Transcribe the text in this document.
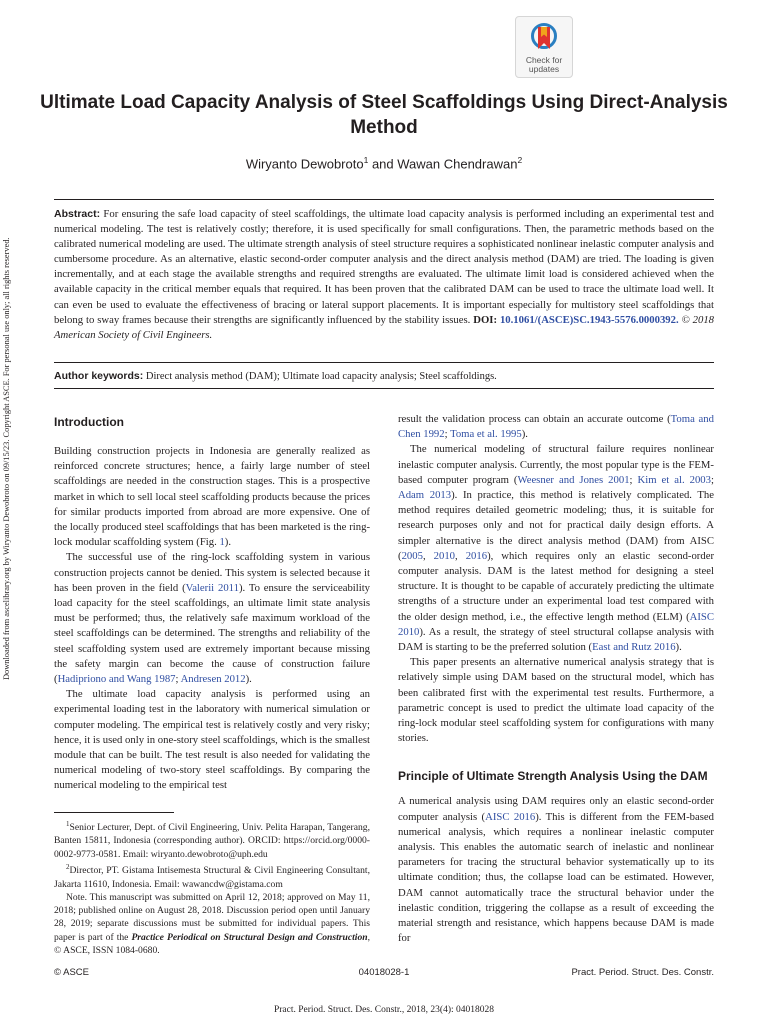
Check for updates
Ultimate Load Capacity Analysis of Steel Scaffoldings Using Direct-Analysis Method
Wiryanto Dewobroto$^1$ and Wawan Chendrawan$^2$

Abstract: For ensuring the safe load capacity of steel scaffoldings, the ultimate load capacity analysis is performed including an experimental test and numerical modeling. The test is relatively costly; therefore, it is used specifically for small configurations. Then, the parametric methods based on the calibrated numerical modeling are used. The ultimate strength analysis of steel structure requires a sophisticated nonlinear inelastic computer analysis and cumbersome procedure. As an alternative, elastic second-order computer analysis and the direct analysis method (DAM) are tried. The loading is given incrementally, and at each stage the available strengths and required strengths are evaluated. The ultimate limit load is considered achieved when the available capacity in the critical member equals that required. It has been proven that the calibrated DAM can be used to trace the ultimate load well. It can even be used to evaluate the effectiveness of bracing or lateral support placements. It is important especially for multistory steel scaffoldings that belong to sway frames because their strengths are significantly influenced by the stability issues. DOI: 10.1061/(ASCE)SC.1943-5576.0000392. © 2018 American Society of Civil Engineers.

Author keywords: Direct analysis method (DAM); Ultimate load capacity analysis; Steel scaffoldings.

Introduction

Building construction projects in Indonesia are generally realized as reinforced concrete structures; hence, a fairly large number of steel scaffoldings are needed in the construction stages. This is a prospective market in which to sell local steel scaffolding products because the prices for similar products imported from abroad are more expensive. One of the locally produced steel scaffoldings that has been marketed is the ring-lock modular scaffolding system (Fig. 1).

The successful use of the ring-lock scaffolding system in various construction projects cannot be denied. This system is selected because it has been proven in the field (Valerii 2011). To ensure the serviceability load capacity for the steel scaffoldings, an ultimate limit state analysis must be performed; thus, the relatively safe maximum workload of the steel scaffoldings can be determined. The strengths and reliability of the steel scaffolding system used are extremely important because missing the safety margin can become the cause of construction failure (Hadipriono and Wang 1987; Andresen 2012).

The ultimate load capacity analysis is performed using an experimental loading test in the laboratory with numerical simulation or computer modeling. The empirical test is relatively costly and very risky; hence, it is used only in one-story steel scaffoldings, which is the smallest module that can be built. The test result is also needed for validating the numerical modeling of two-story steel scaffoldings. By comparing the numerical modeling to the empirical test

$^1$Senior Lecturer, Dept. of Civil Engineering, Univ. Pelita Harapan, Tangerang, Banten 15811, Indonesia (corresponding author). ORCID: https://orcid.org/0000-0002-9773-0581. Email: wiryanto.dewobroto@uph.edu

$^2$Director, PT. Gistama Intisemesta Structural & Civil Engineering Consultant, Jakarta 11610, Indonesia. Email: wawancdw@gistama.com

Note. This manuscript was submitted on April 12, 2018; approved on May 11, 2018; published online on August 28, 2018. Discussion period open until January 28, 2019; separate discussions must be submitted for individual papers. This paper is part of the Practice Periodical on Structural Design and Construction, © ASCE, ISSN 1084-0680.

result the validation process can obtain an accurate outcome (Toma and Chen 1992; Toma et al. 1995).

The numerical modeling of structural failure requires nonlinear inelastic computer analysis. Currently, the most popular type is the FEM-based computer program (Weesner and Jones 2001; Kim et al. 2003; Adam 2013). In practice, this method is relatively complicated. The method requires detailed geometric modeling; thus, it is suitable for research purposes only and not for practical daily design efforts. A simpler alternative is the direct analysis method (DAM) from AISC (2005, 2010, 2016), which requires only an elastic second-order computer analysis. DAM is the latest method for designing a steel structure. It is thought to be capable of accurately predicting the ultimate strengths of a structure under an experimental load test compared with the older design method, i.e., the effective length method (ELM) (AISC 2010). As a result, the strategy of steel structural collapse analysis with DAM is starting to be the preferred solution (East and Rutz 2016).

This paper presents an alternative numerical analysis strategy that is relatively simple using DAM based on the structural model, which has been calibrated first with the experimental test results. Furthermore, a parametric concept is used to predict the ultimate load capacity of the ring-lock modular steel scaffolding system for configurations with many stories.

Principle of Ultimate Strength Analysis Using the DAM

A numerical analysis using DAM requires only an elastic second-order computer analysis (AISC 2016). This is different from the FEM-based numerical analysis, which requires a nonlinear inelastic computer analysis. This enables the automatic search of inelastic and nonlinear parameters for tracing the structural behavior systematically up to its ultimate condition; thus, the collapse load can be estimated. However, DAM cannot automatically trace the structural behavior under the inelastic condition, triggering the collapse as a result of exceeding the material strength and resistance, which happens because DAM is made for

Downloaded from ascelibrary.org by Wiryanto Dewobroto on 09/15/23. Copyright ASCE. For personal use only; all rights reserved.
© ASCE	04018028-1	Pract. Period. Struct. Des. Constr.
Pract. Period. Struct. Des. Constr., 2018, 23(4): 04018028
